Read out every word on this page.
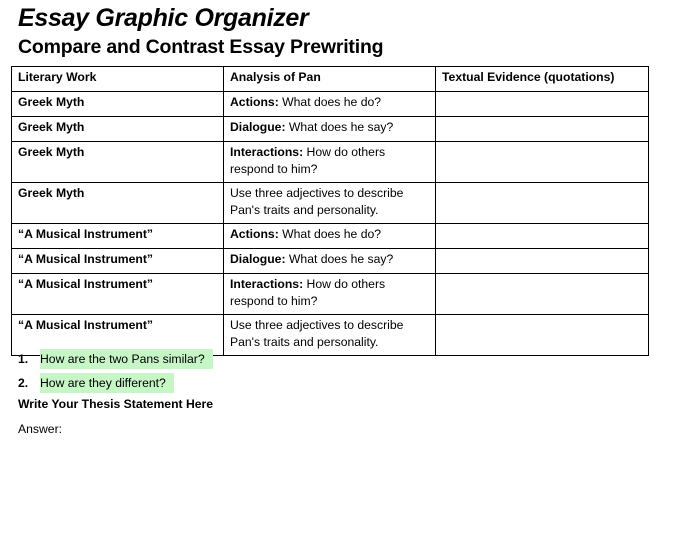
Essay Graphic Organizer
Compare and Contrast Essay Prewriting
Literary Work	Analysis of Pan	Textual Evidence (quotations)
Greek Myth	Actions: What does he do?	
Greek Myth	Dialogue: What does he say?	
Greek Myth	Interactions: How do others respond to him?	
Greek Myth	Use three adjectives to describe Pan's traits and personality.	
“A Musical Instrument”	Actions: What does he do?	
“A Musical Instrument”	Dialogue: What does he say?	
“A Musical Instrument”	Interactions: How do others respond to him?	
“A Musical Instrument”	Use three adjectives to describe Pan's traits and personality.	
1. How are the two Pans similar?
2. How are they different?
Write Your Thesis Statement Here
Answer:
